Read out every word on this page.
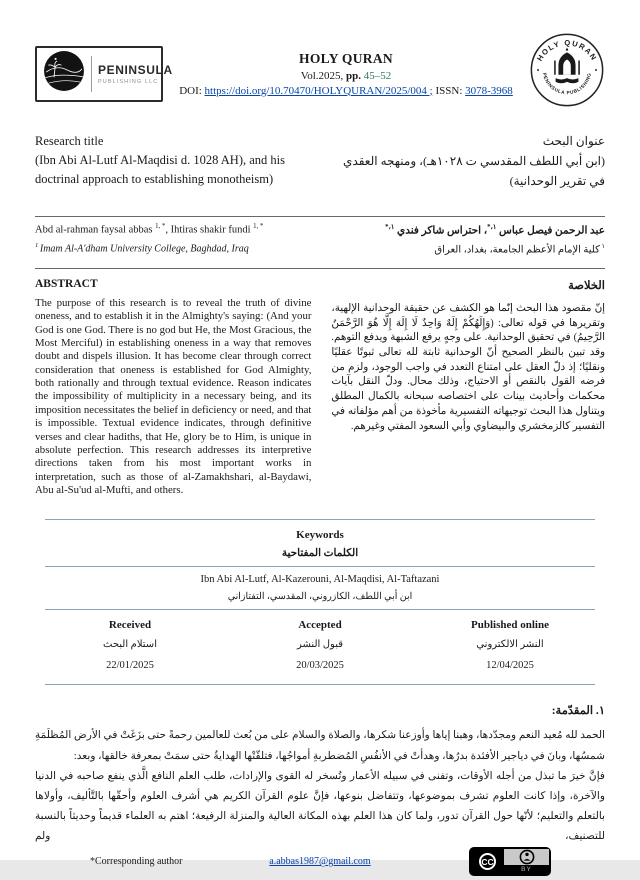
PENINSULA
PUBLISHING LLC
HOLY QURAN
Vol.2025, pp. 45–52
DOI: https://doi.org/10.70470/HOLYQURAN/2025/004 ; ISSN: 3078-3968
HOLY QURAN
PENINSULA PUBLISHING
Research title
(Ibn Abi Al-Lutf Al-Maqdisi d. 1028 AH), and his doctrinal approach to establishing monotheism)
عنوان البحث
(ابن أبي اللطف المقدسي ت ١٠٢٨هـ)، ومنهجه العقدي في تقرير الوحدانية)
Abd al-rahman faysal abbas $^{1, *}$, Ihtiras shakir fundi $^{1, *}$	عبد الرحمن فيصل عباس $^{١،*}$، احتراس شاكر فندي $^{١،*}$
$^1$ Imam Al-A'dham University College, Baghdad, Iraq	$^١$ كلية الإمام الأعظم الجامعة، بغداد، العراق
ABSTRACT
The purpose of this research is to reveal the truth of divine oneness, and to establish it in the Almighty's saying: (And your God is one God. There is no god but He, the Most Gracious, the Most Merciful) in establishing oneness in a way that removes doubt and dispels illusion. It has become clear through correct consideration that oneness is established for God Almighty, both rationally and through textual evidence. Reason indicates the impossibility of multiplicity in a necessary being, and its imposition necessitates the belief in deficiency or need, and that is impossible. Textual evidence indicates, through definitive verses and clear hadiths, that He, glory be to Him, is unique in absolute perfection. This research addresses its interpretive directions taken from his most important works in interpretation, such as those of al-Zamakhshari, al-Baydawi, Abu al-Su'ud al-Mufti, and others.
الخلاصة
إنّ مقصود هذا البحث إنّما هو الكشف عن حقيقة الوحدانية الإلهية، وتقريرها في قوله تعالى: (وَإِلَهُكُمْ إِلَهٌ وَاحِدٌ لَا إِلَهَ إِلَّا هُوَ الرَّحْمَنُ الرَّحِيمُ) في تحقيق الوحدانية. على وجهٍ يرفع الشبهة ويدفع التوهم. وقد تبين بالنظر الصحيح أنّ الوحدانية ثابتة لله تعالى ثبوتًا عقليًا ونقليًا؛ إذ دلّ العقل على امتناع التعدد في واجب الوجود، ولزم من فرضه القول بالنقص أو الاحتياج، وذلك محال. ودلّ النقل بآيات محكمات وأحاديث بينات على اختصاصه سبحانه بالكمال المطلق ويتناول هذا البحث توجيهاته التفسيرية مأخوذة من أهم مؤلفاته في التفسير كالزمخشري والبيضاوي وأبي السعود المفتي وغيرهم.
Keywords
الكلمات المفتاحية
Ibn Abi Al-Lutf, Al-Kazerouni, Al-Maqdisi, Al-Taftazani
ابن أبي اللطف، الكازروني، المقدسي، التفتازاني
Received
استلام البحث
22/01/2025
Accepted
قبول النشر
20/03/2025
Published online
النشر الالكتروني
12/04/2025
١. المقدّمة:

الحمد لله مُعيد النعم ومجدّدها، وهبنا إياها وأوزعنا شكرها، والصلاة والسلام على من بُعث للعالمين رحمةً حتى بزَغَتْ في الأرض المُظلَمَةِ شمسُها، وبانَ في دياجير الأفئدة بدرُها، وهدأتْ في الأنفُسِ المُضطربةِ أمواجُها، فتلقّتْها الهدايةُ حتى سمَتْ بمعرفة خالقها، وبعد:

فإنَّ خيرَ ما تبذل من أجله الأوقات، وتفنى في سبيله الأعمار وتُسخر له القوى والإرادات، طلب العلم النافع الَّذي ينفع صاحبه في الدنيا والآخرة، وإذا كانت العلوم تشرف بموضوعها، وتتفاضل بنوعها، فإنَّ علوم القرآن الكريم هي أشرف العلوم وأحقّها بالتَّأليف، وأولاها بالتعلم والتعليم؛ لأنّها حول القرآن تدور، ولما كان هذا العلم بهذه المكانة العالية والمنزلة الرفيعة؛ اهتم به العلماء قديماً وحديثاً بالنسبة للتصنيف، ولم

*Corresponding author	a.abbas1987@gmail.com	CC
BY
